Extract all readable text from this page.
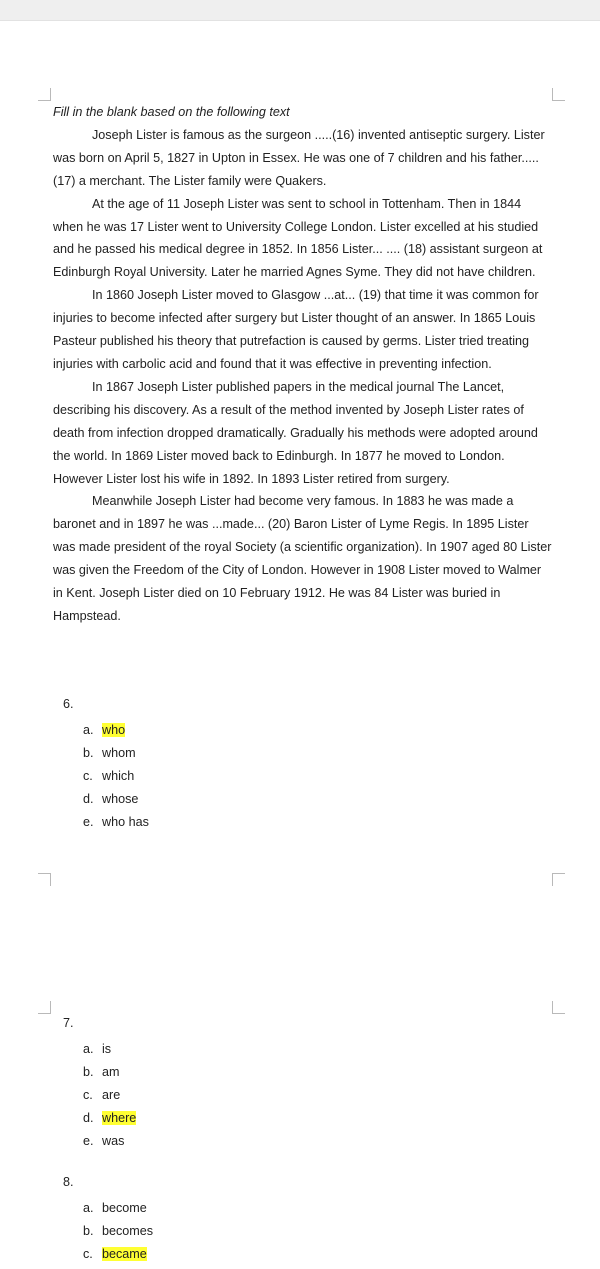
Fill in the blank based on the following text

Joseph Lister is famous as the surgeon .....(16) invented antiseptic surgery. Lister was born on April 5, 1827 in Upton in Essex. He was one of 7 children and his father..... (17) a merchant. The Lister family were Quakers.

At the age of 11 Joseph Lister was sent to school in Tottenham. Then in 1844 when he was 17 Lister went to University College London. Lister excelled at his studied and he passed his medical degree in 1852. In 1856 Lister... .... (18) assistant surgeon at Edinburgh Royal University. Later he married Agnes Syme. They did not have children.

In 1860 Joseph Lister moved to Glasgow ...at... (19) that time it was common for injuries to become infected after surgery but Lister thought of an answer. In 1865 Louis Pasteur published his theory that putrefaction is caused by germs. Lister tried treating injuries with carbolic acid and found that it was effective in preventing infection.

In 1867 Joseph Lister published papers in the medical journal The Lancet, describing his discovery. As a result of the method invented by Joseph Lister rates of death from infection dropped dramatically. Gradually his methods were adopted around the world. In 1869 Lister moved back to Edinburgh. In 1877 he moved to London. However Lister lost his wife in 1892. In 1893 Lister retired from surgery.

Meanwhile Joseph Lister had become very famous. In 1883 he was made a baronet and in 1897 he was ...made... (20) Baron Lister of Lyme Regis. In 1895 Lister was made president of the royal Society (a scientific organization). In 1907 aged 80 Lister was given the Freedom of the City of London. However in 1908 Lister moved to Walmer in Kent. Joseph Lister died on 10 February 1912. He was 84 Lister was buried in Hampstead.

6.
a. who
b. whom
c. which
d. whose
e. who has
7.
a. is
b. am
c. are
d. where
e. was
8.
a. become
b. becomes
c. became
